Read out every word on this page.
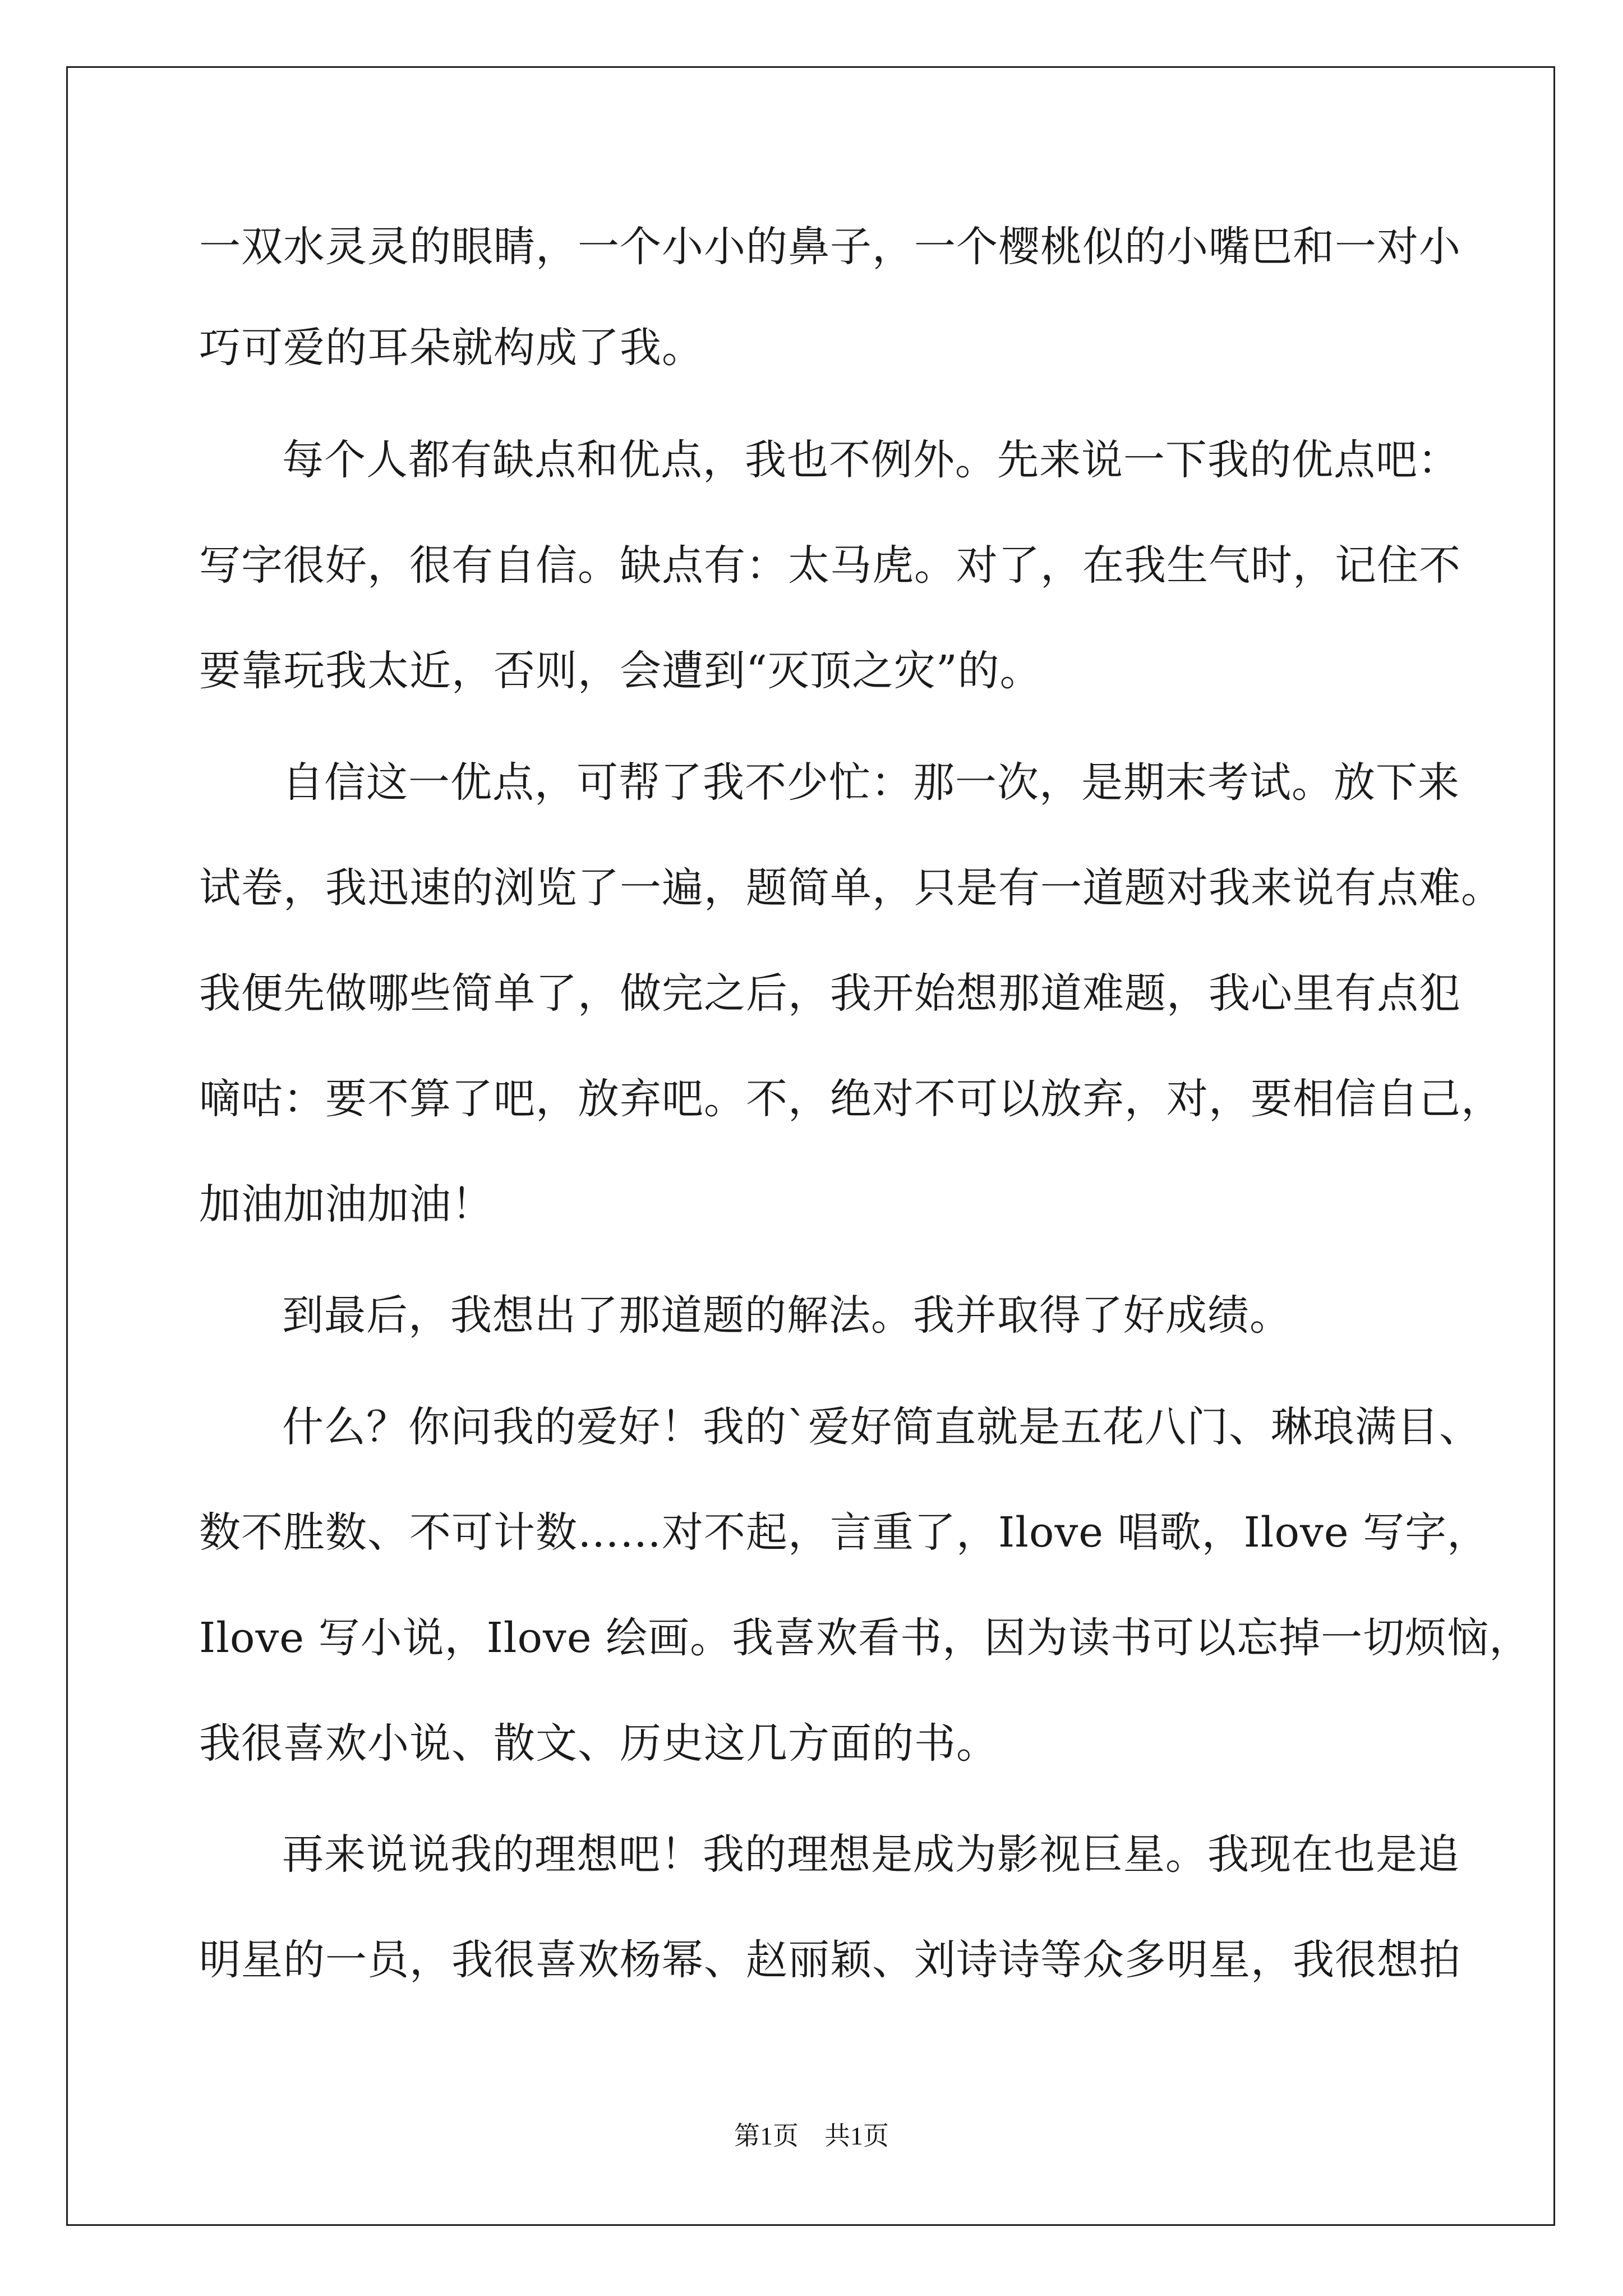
一双水灵灵的眼睛，一个小小的鼻子，一个樱桃似的小嘴巴和一对小
巧可爱的耳朵就构成了我。
每个人都有缺点和优点，我也不例外。先来说一下我的优点吧：
写字很好，很有自信。缺点有：太马虎。对了，在我生气时，记住不
要靠玩我太近，否则，会遭到“灭顶之灾”的。
自信这一优点，可帮了我不少忙：那一次，是期末考试。放下来
试卷，我迅速的浏览了一遍，题简单，只是有一道题对我来说有点难。
我便先做哪些简单了，做完之后，我开始想那道难题，我心里有点犯
嘀咕：要不算了吧，放弃吧。不，绝对不可以放弃，对，要相信自己，
加油加油加油！
到最后，我想出了那道题的解法。我并取得了好成绩。
什么？你问我的爱好！我的`爱好简直就是五花八门、琳琅满目、
数不胜数、不可计数……对不起，言重了，Ilove 唱歌，Ilove 写字，
Ilove 写小说，Ilove 绘画。我喜欢看书，因为读书可以忘掉一切烦恼，
我很喜欢小说、散文、历史这几方面的书。
再来说说我的理想吧！我的理想是成为影视巨星。我现在也是追
明星的一员，我很喜欢杨幂、赵丽颖、刘诗诗等众多明星，我很想拍
第1页　共1页
